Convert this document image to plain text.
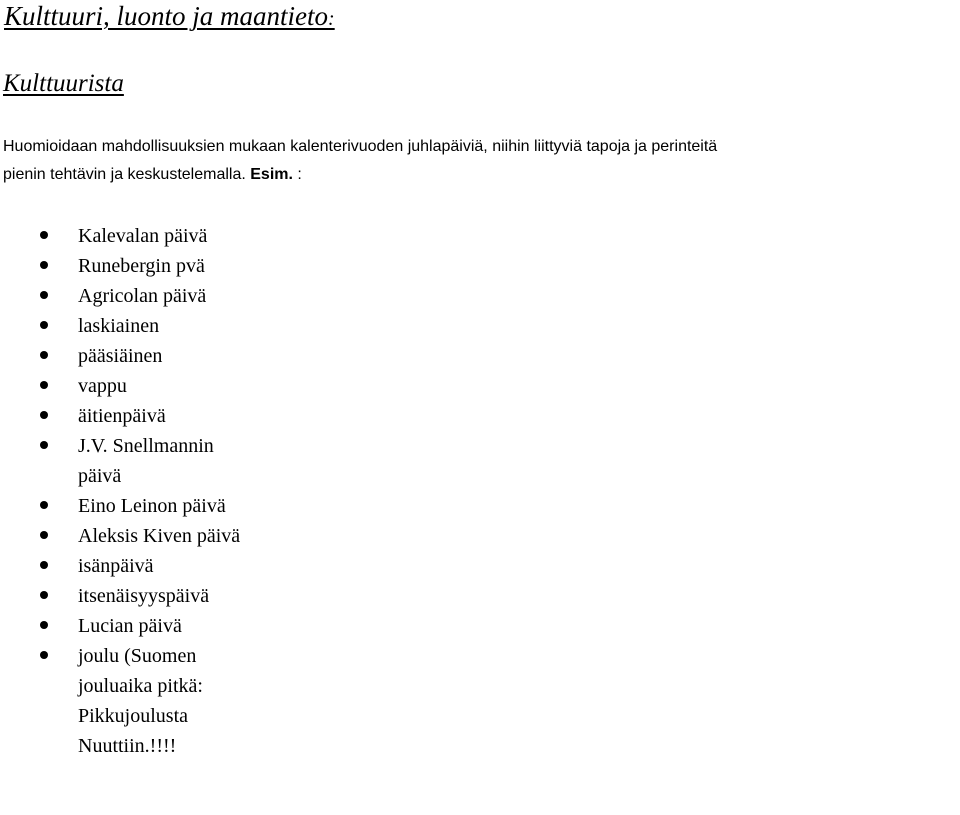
Kulttuuri, luonto ja maantieto:
Kulttuurista

Huomioidaan mahdollisuuksien mukaan kalenterivuoden juhlapäiviä, niihin liittyviä tapoja ja perinteitä
pienin tehtävin ja keskustelemalla. Esim. :

Kalevalan päivä
Runebergin pvä
Agricolan päivä
laskiainen
pääsiäinen
vappu
äitienpäivä
J.V. Snellmannin päivä
Eino Leinon päivä
Aleksis Kiven päivä
isänpäivä
itsenäisyyspäivä
Lucian päivä
joulu (Suomen jouluaika pitkä: Pikkujoulusta Nuuttiin.!!!!
